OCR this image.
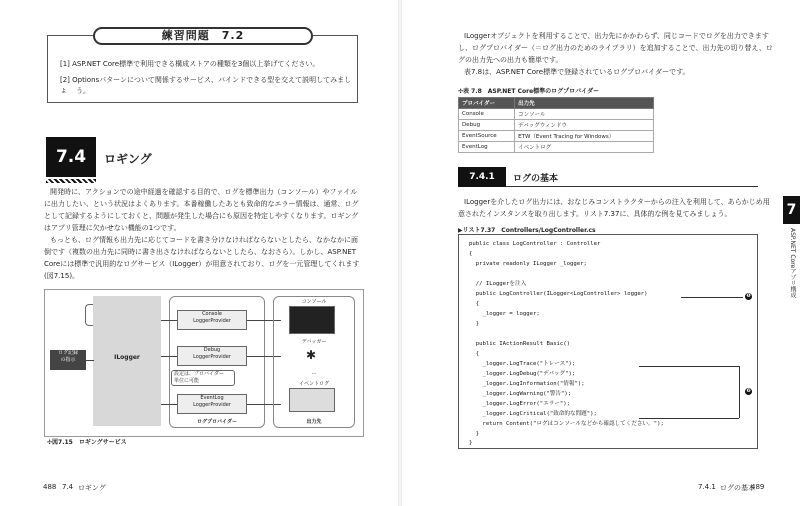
練習問題　7.2
[1] ASP.NET Core標準で利用できる構成ストアの種類を3個以上挙げてください。
[2] Optionsパターンについて関係するサービス、バインドできる型を交えて説明してみましょ	う。
7.4	ロギング
開発時に、アクションでの途中経過を確認する目的で、ログを標準出力（コンソール）やファイル
に出力したい、という状況はよくあります。本番稼働したあとも致命的なエラー情報は、通常、ログ
として記録するようにしておくと、問題が発生した場合にも原因を特定しやすくなります。ロギング
はアプリ管理に欠かせない機能の1つです。
もっとも、ログ情報も出力先に応じてコードを書き分けなければならないとしたら、なかなかに面
倒です（複数の出力先に同時に書き出さなければならないとしたら、なおさら）。しかし、ASP.NET
Coreには標準で汎用的なログサービス（ILogger）が用意されており、ログを一元管理してくれます
(図7.15)。
ILogger
ログ記録
の指示
Console
LoggerProvider
Debug
LoggerProvider
EventLog
LoggerProvider
設定は、プロバイダー
単位に可能
ログプロバイダー
コンソール
デバッガー
✱
…
イベントログ
出力先
✣図7.15　ロギングサービス
488 7.4 ロギング
ILoggerオブジェクトを利用することで、出力先にかかわらず、同じコードでログを出力できます
し、ログプロバイダー（＝ログ出力のためのライブラリ）を追加することで、出力先の切り替え、ロ
グの出力先への出力も簡単です。
表7.8は、ASP.NET Core標準で登録されているログプロバイダーです。
✣表 7.8　ASP.NET Core標準のログプロバイダー
プロバイダー	出力先
Console	コンソール
Debug	デバッグウィンドウ
EventSource	ETW（Event Tracing for Windows）
EventLog	イベントログ
7.4.1	ログの基本
ILoggerを介したログ出力には、おなじみコンストラクターからの注入を利用して、あらかじめ用
意されたインスタンスを取り出します。リスト7.37に、具体的な例を見てみましょう。
▶リスト7.37　Controllers/LogController.cs
public class LogController : Controller
{
private readonly ILogger _logger;
// ILoggerを注入
public LogController(ILogger<LogController> logger)
{
_logger = logger;
}
public IActionResult Basic()
{
_logger.LogTrace("トレース");
_logger.LogDebug("デバッグ");
_logger.LogInformation("情報");
_logger.LogWarning("警告");
_logger.LogError("エラー");
_logger.LogCritical("致命的な問題");
return Content("ログはコンソールなどから確認してください。");
}
}
❶
❷
7
ASP.NET Coreアプリ構成
7.4.1 ログの基本
489
